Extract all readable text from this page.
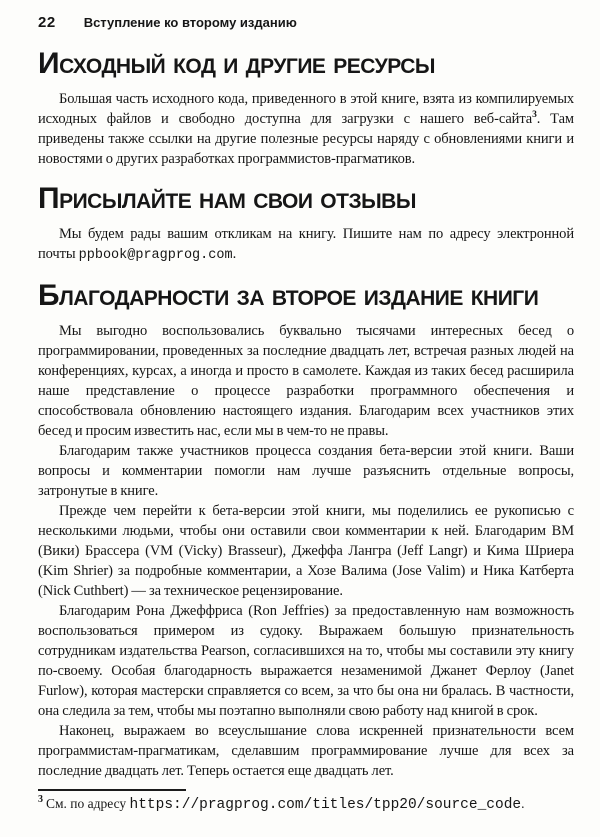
22 Вступление ко второму изданию
Исходный код и другие ресурсы

Большая часть исходного кода, приведенного в этой книге, взята из компилируемых исходных файлов и свободно доступна для загрузки с нашего веб-сайта$^3$. Там приведены также ссылки на другие полезные ресурсы наряду с обновлениями книги и новостями о других разработках программистов-прагматиков.

Присылайте нам свои отзывы

Мы будем рады вашим откликам на книгу. Пишите нам по адресу электронной почты ppbook@pragprog.com.

Благодарности за второе издание книги

Мы выгодно воспользовались буквально тысячами интересных бесед о программировании, проведенных за последние двадцать лет, встречая разных людей на конференциях, курсах, а иногда и просто в самолете. Каждая из таких бесед расширила наше представление о процессе разработки программного обеспечения и способствовала обновлению настоящего издания. Благодарим всех участников этих бесед и просим известить нас, если мы в чем-то не правы.

Благодарим также участников процесса создания бета-версии этой книги. Ваши вопросы и комментарии помогли нам лучше разъяснить отдельные вопросы, затронутые в книге.

Прежде чем перейти к бета-версии этой книги, мы поделились ее рукописью с несколькими людьми, чтобы они оставили свои комментарии к ней. Благодарим ВМ (Вики) Брассера (VM (Vicky) Brasseur), Джеффа Лангра (Jeff Langr) и Кима Шриера (Kim Shrier) за подробные комментарии, а Хозе Валима (Jose Valim) и Ника Катберта (Nick Cuthbert) — за техническое рецензирование.

Благодарим Рона Джеффриса (Ron Jeffries) за предоставленную нам возможность воспользоваться примером из судоку. Выражаем большую признательность сотрудникам издательства Pearson, согласившихся на то, чтобы мы составили эту книгу по-своему. Особая благодарность выражается незаменимой Джанет Ферлоу (Janet Furlow), которая мастерски справляется со всем, за что бы она ни бралась. В частности, она следила за тем, чтобы мы поэтапно выполняли свою работу над книгой в срок.

Наконец, выражаем во всеуслышание слова искренней признательности всем программистам-прагматикам, сделавшим программирование лучше для всех за последние двадцать лет. Теперь остается еще двадцать лет.

$^3$ См. по адресу https://pragprog.com/titles/tpp20/source_code.
